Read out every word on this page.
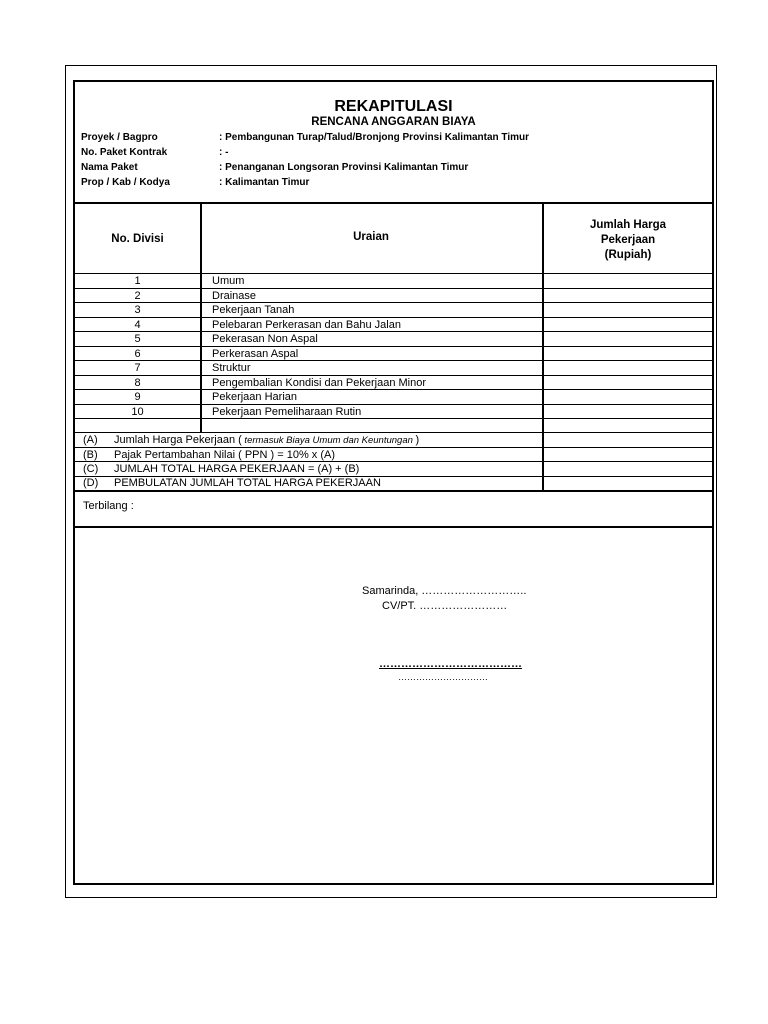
REKAPITULASI
RENCANA ANGGARAN BIAYA
Proyek / Bagpro	: Pembangunan Turap/Talud/Bronjong Provinsi Kalimantan Timur
No. Paket Kontrak	: -
Nama Paket	: Penanganan Longsoran Provinsi Kalimantan Timur
Prop / Kab / Kodya	: Kalimantan Timur
No. Divisi	Uraian
Jumlah Harga
Pekerjaan
(Rupiah)
1	Umum
2	Drainase
3	Pekerjaan Tanah
4	Pelebaran Perkerasan dan Bahu Jalan
5	Pekerasan Non Aspal
6	Perkerasan Aspal
7	Struktur
8	Pengembalian Kondisi dan Pekerjaan Minor
9	Pekerjaan Harian
10	Pekerjaan Pemeliharaan Rutin
(A) Jumlah Harga Pekerjaan ( termasuk Biaya Umum dan Keuntungan )
(B) Pajak Pertambahan Nilai ( PPN ) = 10% x (A)
(C) JUMLAH TOTAL HARGA PEKERJAAN = (A) + (B)
(D) PEMBULATAN JUMLAH TOTAL HARGA PEKERJAAN
Terbilang :
Samarinda, ………………………..
CV/PT. ……………………
…………………………………
…………………………
